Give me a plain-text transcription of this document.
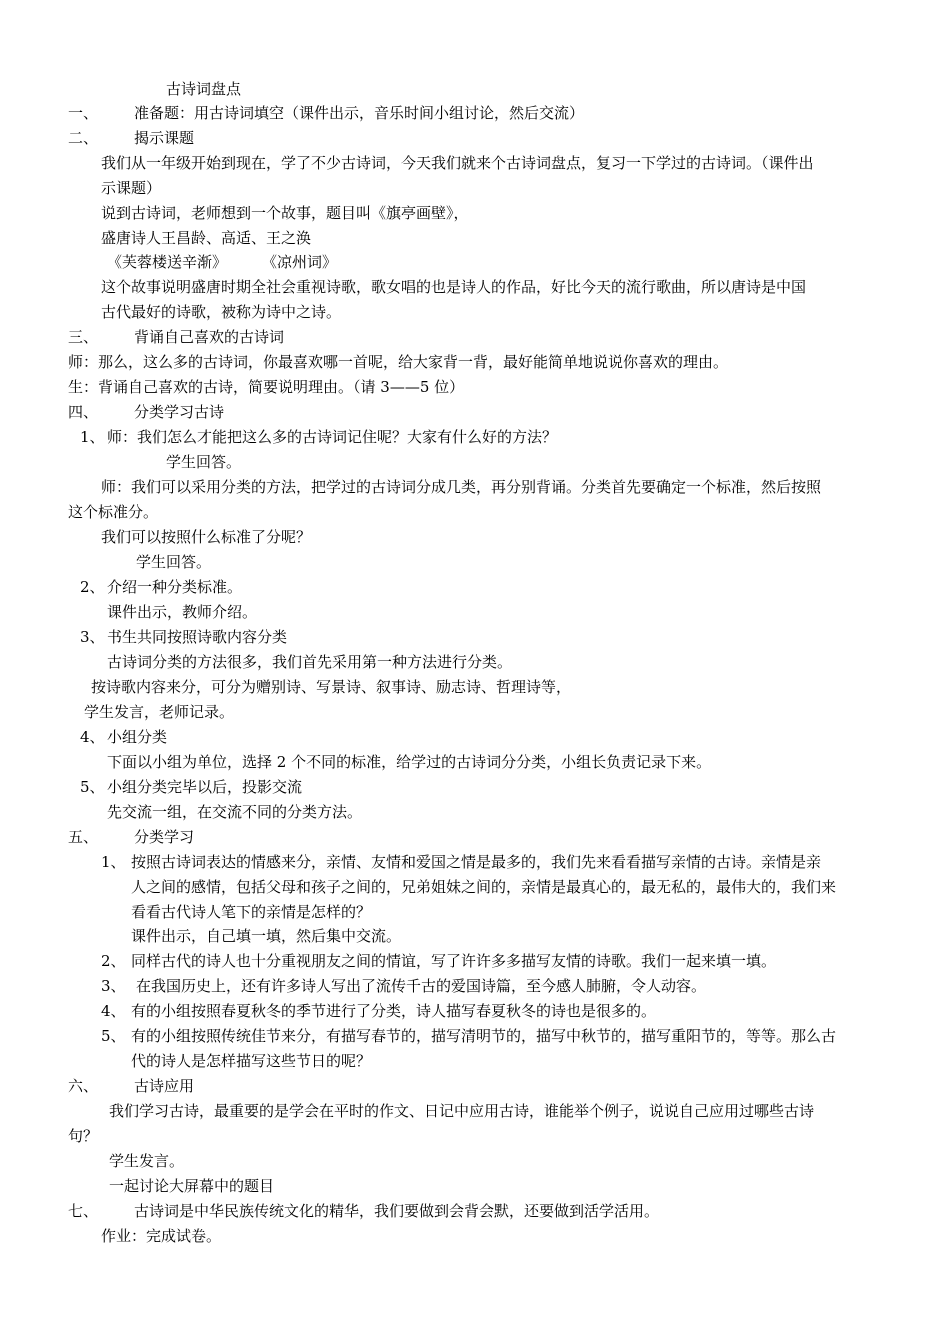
古诗词盘点
一、 准备题：用古诗词填空（课件出示，音乐时间小组讨论，然后交流）
二、 揭示课题
我们从一年级开始到现在，学了不少古诗词，今天我们就来个古诗词盘点，复习一下学过的古诗词。（课件出
示课题）
说到古诗词，老师想到一个故事，题目叫《旗亭画壁》，
盛唐诗人王昌龄、高适、王之涣
《芙蓉楼送辛渐》 《凉州词》
这个故事说明盛唐时期全社会重视诗歌，歌女唱的也是诗人的作品，好比今天的流行歌曲，所以唐诗是中国
古代最好的诗歌，被称为诗中之诗。
三、 背诵自己喜欢的古诗词
师：那么，这么多的古诗词，你最喜欢哪一首呢，给大家背一背，最好能简单地说说你喜欢的理由。
生：背诵自己喜欢的古诗，简要说明理由。（请 3——5 位）
四、 分类学习古诗
1、 师：我们怎么才能把这么多的古诗词记住呢？大家有什么好的方法？
学生回答。
师：我们可以采用分类的方法，把学过的古诗词分成几类，再分别背诵。分类首先要确定一个标准，然后按照
这个标准分。
我们可以按照什么标准了分呢？
学生回答。
2、 介绍一种分类标准。
课件出示，教师介绍。
3、 书生共同按照诗歌内容分类
古诗词分类的方法很多，我们首先采用第一种方法进行分类。
按诗歌内容来分，可分为赠别诗、写景诗、叙事诗、励志诗、哲理诗等，
学生发言，老师记录。
4、 小组分类
下面以小组为单位，选择 2 个不同的标准，给学过的古诗词分分类，小组长负责记录下来。
5、 小组分类完毕以后，投影交流
先交流一组，在交流不同的分类方法。
五、 分类学习
1、 按照古诗词表达的情感来分，亲情、友情和爱国之情是最多的，我们先来看看描写亲情的古诗。亲情是亲
人之间的感情，包括父母和孩子之间的，兄弟姐妹之间的，亲情是最真心的，最无私的，最伟大的，我们来
看看古代诗人笔下的亲情是怎样的？
课件出示，自己填一填，然后集中交流。
2、 同样古代的诗人也十分重视朋友之间的情谊，写了许许多多描写友情的诗歌。我们一起来填一填。
3、 在我国历史上，还有许多诗人写出了流传千古的爱国诗篇，至今感人肺腑，令人动容。
4、 有的小组按照春夏秋冬的季节进行了分类，诗人描写春夏秋冬的诗也是很多的。
5、 有的小组按照传统佳节来分，有描写春节的，描写清明节的，描写中秋节的，描写重阳节的，等等。那么古
代的诗人是怎样描写这些节日的呢？
六、 古诗应用
我们学习古诗，最重要的是学会在平时的作文、日记中应用古诗，谁能举个例子，说说自己应用过哪些古诗
句？
学生发言。
一起讨论大屏幕中的题目
七、 古诗词是中华民族传统文化的精华，我们要做到会背会默，还要做到活学活用。
作业：完成试卷。
